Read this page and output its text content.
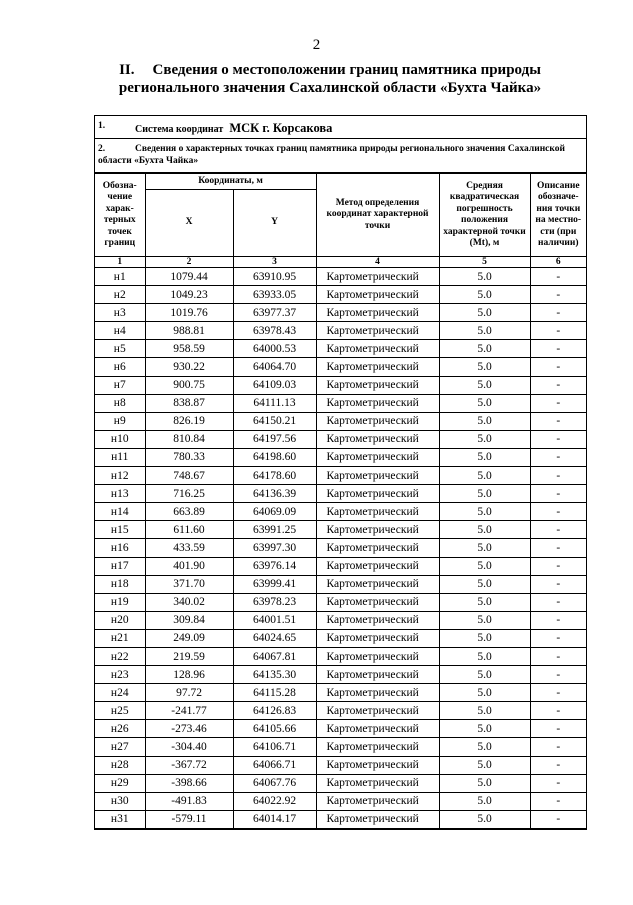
2
II. Сведения о местоположении границ памятника природы
регионального значения Сахалинской области «Бухта Чайка»
1.	Система координат МСК г. Корсакова
2.	Сведения о характерных точках границ памятника природы регионального значения Сахалинской области «Бухта Чайка»
Обозна-чение харак-терных точек границ	Координаты, м		Метод определения координат характерной точки	Средняя квадратическая погрешность положения характерной точки (Mt), м	Описание обозначе-ния точки на местно-сти (при наличии)
	X	Y			
1	2	3	4	5	6
н1	1079.44	63910.95	Картометрический	5.0	-
н2	1049.23	63933.05	Картометрический	5.0	-
н3	1019.76	63977.37	Картометрический	5.0	-
н4	988.81	63978.43	Картометрический	5.0	-
н5	958.59	64000.53	Картометрический	5.0	-
н6	930.22	64064.70	Картометрический	5.0	-
н7	900.75	64109.03	Картометрический	5.0	-
н8	838.87	64111.13	Картометрический	5.0	-
н9	826.19	64150.21	Картометрический	5.0	-
н10	810.84	64197.56	Картометрический	5.0	-
н11	780.33	64198.60	Картометрический	5.0	-
н12	748.67	64178.60	Картометрический	5.0	-
н13	716.25	64136.39	Картометрический	5.0	-
н14	663.89	64069.09	Картометрический	5.0	-
н15	611.60	63991.25	Картометрический	5.0	-
н16	433.59	63997.30	Картометрический	5.0	-
н17	401.90	63976.14	Картометрический	5.0	-
н18	371.70	63999.41	Картометрический	5.0	-
н19	340.02	63978.23	Картометрический	5.0	-
н20	309.84	64001.51	Картометрический	5.0	-
н21	249.09	64024.65	Картометрический	5.0	-
н22	219.59	64067.81	Картометрический	5.0	-
н23	128.96	64135.30	Картометрический	5.0	-
н24	97.72	64115.28	Картометрический	5.0	-
н25	-241.77	64126.83	Картометрический	5.0	-
н26	-273.46	64105.66	Картометрический	5.0	-
н27	-304.40	64106.71	Картометрический	5.0	-
н28	-367.72	64066.71	Картометрический	5.0	-
н29	-398.66	64067.76	Картометрический	5.0	-
н30	-491.83	64022.92	Картометрический	5.0	-
н31	-579.11	64014.17	Картометрический	5.0	-
